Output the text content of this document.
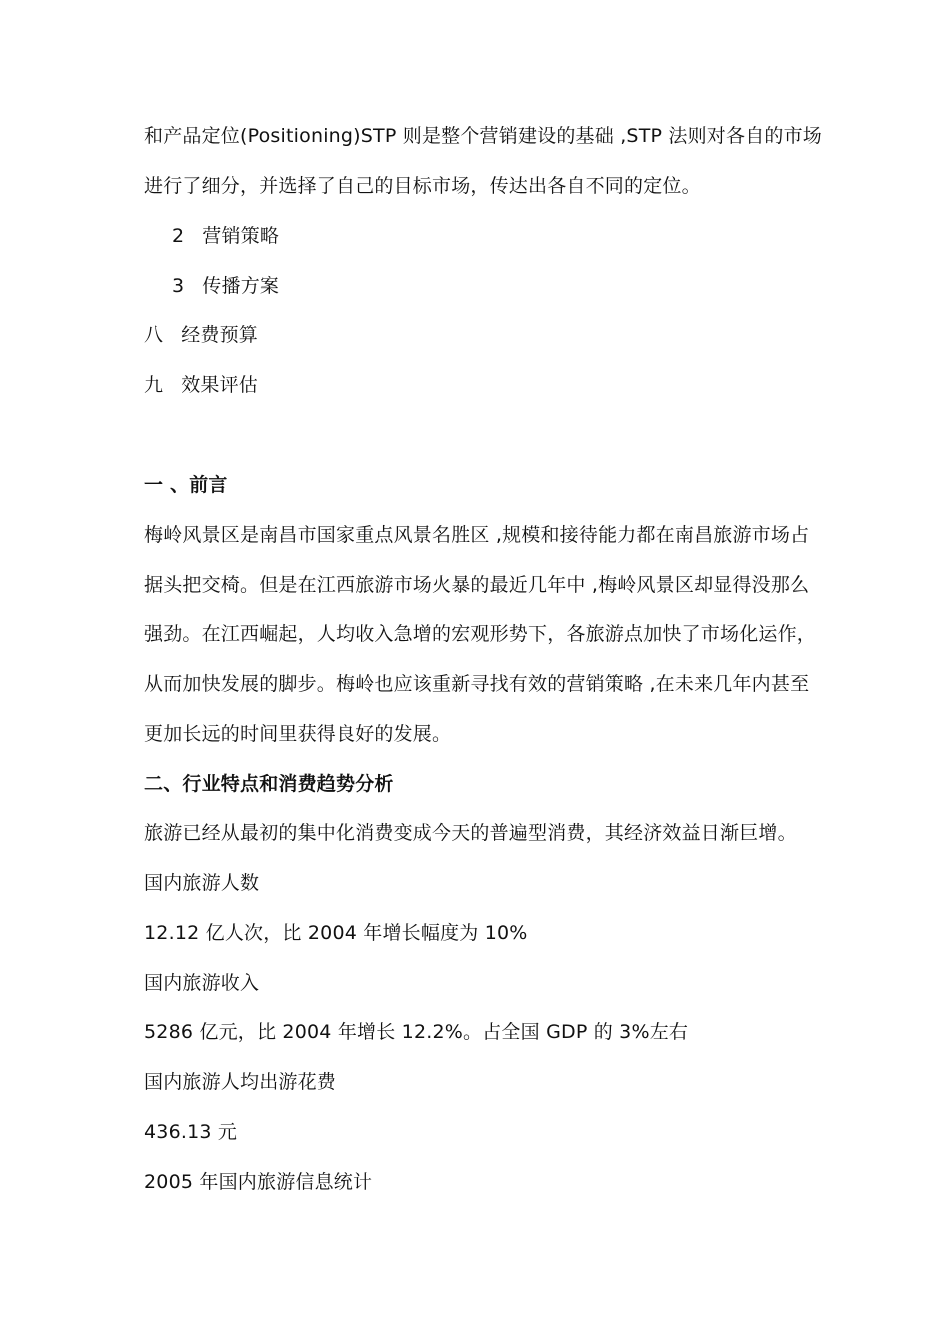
和产品定位(Positioning)STP 则是整个营销建设的基础 ,STP 法则对各自的市场
进行了细分，并选择了自己的目标市场，传达出各自不同的定位。
2 营销策略
3 传播方案
八 经费预算
九 效果评估
一 、前言
梅岭风景区是南昌市国家重点风景名胜区 ,规模和接待能力都在南昌旅游市场占
据头把交椅。但是在江西旅游市场火暴的最近几年中 ,梅岭风景区却显得没那么
强劲。在江西崛起，人均收入急增的宏观形势下，各旅游点加快了市场化运作，
从而加快发展的脚步。梅岭也应该重新寻找有效的营销策略 ,在未来几年内甚至
更加长远的时间里获得良好的发展。
二、行业特点和消费趋势分析
旅游已经从最初的集中化消费变成今天的普遍型消费，其经济效益日渐巨增。
国内旅游人数
12.12 亿人次，比 2004 年增长幅度为 10%
国内旅游收入
5286 亿元，比 2004 年增长 12.2%。占全国 GDP 的 3%左右
国内旅游人均出游花费
436.13 元
2005 年国内旅游信息统计
